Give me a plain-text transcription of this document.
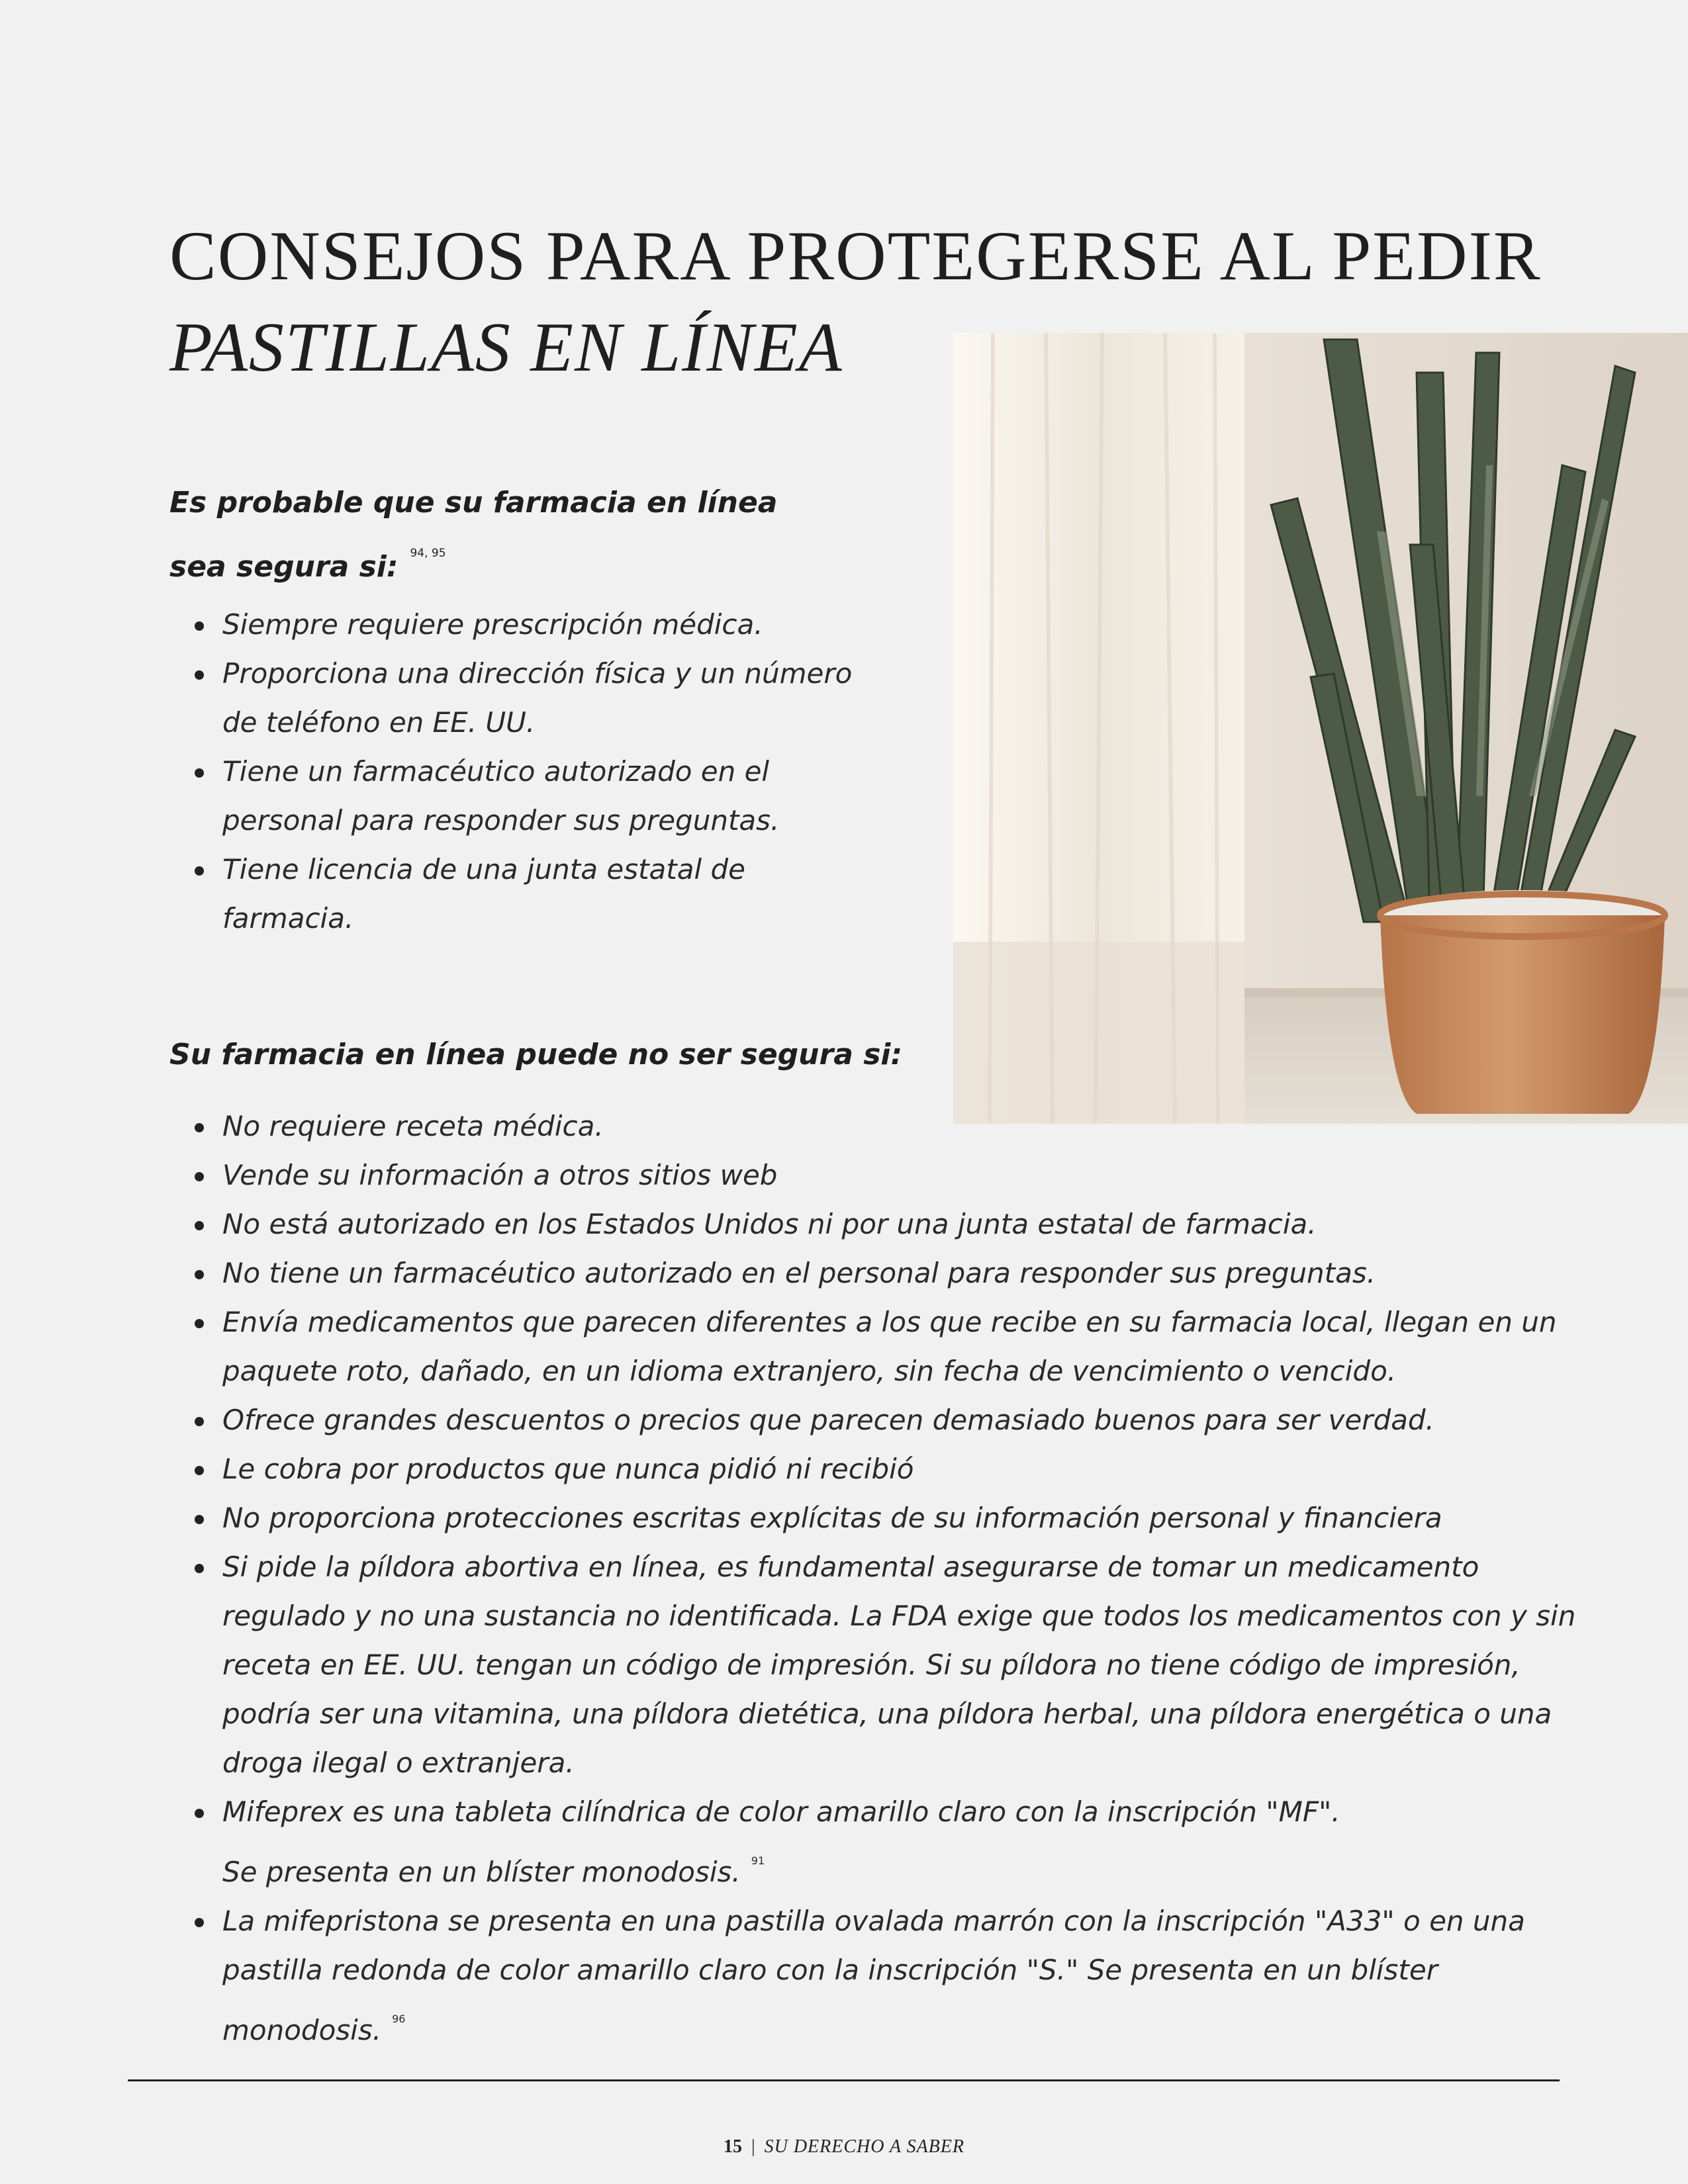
CONSEJOS PARA PROTEGERSE AL PEDIR
PASTILLAS EN LÍNEA
Es probable que su farmacia en línea
sea segura si: $^{94, 95}$
Siempre requiere prescripción médica.
Proporciona una dirección física y un número de teléfono en EE. UU.
Tiene un farmacéutico autorizado en el personal para responder sus preguntas.
Tiene licencia de una junta estatal de farmacia.
Su farmacia en línea puede no ser segura si:
No requiere receta médica.
Vende su información a otros sitios web
No está autorizado en los Estados Unidos ni por una junta estatal de farmacia.
No tiene un farmacéutico autorizado en el personal para responder sus preguntas.
Envía medicamentos que parecen diferentes a los que recibe en su farmacia local, llegan en un paquete roto, dañado, en un idioma extranjero, sin fecha de vencimiento o vencido.
Ofrece grandes descuentos o precios que parecen demasiado buenos para ser verdad.
Le cobra por productos que nunca pidió ni recibió
No proporciona protecciones escritas explícitas de su información personal y financiera
Si pide la píldora abortiva en línea, es fundamental asegurarse de tomar un medicamento regulado y no una sustancia no identificada. La FDA exige que todos los medicamentos con y sin receta en EE. UU. tengan un código de impresión. Si su píldora no tiene código de impresión, podría ser una vitamina, una píldora dietética, una píldora herbal, una píldora energética o una droga ilegal o extranjera.
Mifeprex es una tableta cilíndrica de color amarillo claro con la inscripción "MF".
Se presenta en un blíster monodosis. $^{91}$
La mifepristona se presenta en una pastilla ovalada marrón con la inscripción "A33" o en una pastilla redonda de color amarillo claro con la inscripción "S." Se presenta en un blíster monodosis. $^{96}$
15 | SU DERECHO A SABER
